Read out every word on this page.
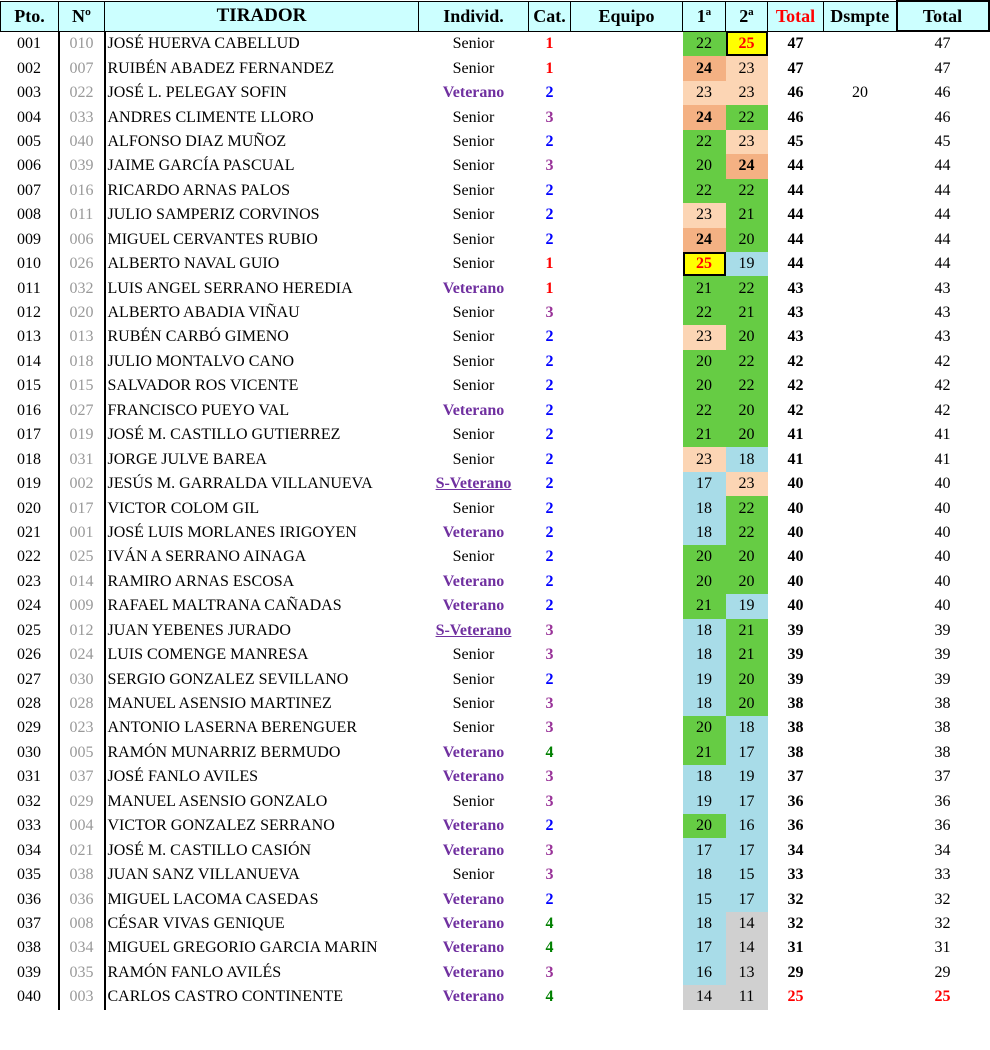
Pto.	Nº	TIRADOR	Individ.	Cat.	Equipo	1ª	2ª	Total	Dsmpte	Total
001	010	JOSÉ HUERVA CABELLUD	Senior	1		22	25	47		47
002	007	RUIBÉN ABADEZ FERNANDEZ	Senior	1		24	23	47		47
003	022	JOSÉ L. PELEGAY SOFIN	Veterano	2		23	23	46	20	46
004	033	ANDRES CLIMENTE LLORO	Senior	3		24	22	46		46
005	040	ALFONSO DIAZ MUÑOZ	Senior	2		22	23	45		45
006	039	JAIME GARCÍA PASCUAL	Senior	3		20	24	44		44
007	016	RICARDO ARNAS PALOS	Senior	2		22	22	44		44
008	011	JULIO SAMPERIZ CORVINOS	Senior	2		23	21	44		44
009	006	MIGUEL CERVANTES RUBIO	Senior	2		24	20	44		44
010	026	ALBERTO NAVAL GUIO	Senior	1		25	19	44		44
011	032	LUIS ANGEL SERRANO HEREDIA	Veterano	1		21	22	43		43
012	020	ALBERTO ABADIA VIÑAU	Senior	3		22	21	43		43
013	013	RUBÉN CARBÓ GIMENO	Senior	2		23	20	43		43
014	018	JULIO MONTALVO CANO	Senior	2		20	22	42		42
015	015	SALVADOR ROS VICENTE	Senior	2		20	22	42		42
016	027	FRANCISCO PUEYO VAL	Veterano	2		22	20	42		42
017	019	JOSÉ M. CASTILLO GUTIERREZ	Senior	2		21	20	41		41
018	031	JORGE JULVE BAREA	Senior	2		23	18	41		41
019	002	JESÚS M. GARRALDA VILLANUEVA	S-Veterano	2		17	23	40		40
020	017	VICTOR COLOM GIL	Senior	2		18	22	40		40
021	001	JOSÉ LUIS MORLANES IRIGOYEN	Veterano	2		18	22	40		40
022	025	IVÁN A SERRANO AINAGA	Senior	2		20	20	40		40
023	014	RAMIRO ARNAS ESCOSA	Veterano	2		20	20	40		40
024	009	RAFAEL MALTRANA CAÑADAS	Veterano	2		21	19	40		40
025	012	JUAN YEBENES JURADO	S-Veterano	3		18	21	39		39
026	024	LUIS COMENGE MANRESA	Senior	3		18	21	39		39
027	030	SERGIO GONZALEZ SEVILLANO	Senior	2		19	20	39		39
028	028	MANUEL ASENSIO MARTINEZ	Senior	3		18	20	38		38
029	023	ANTONIO LASERNA BERENGUER	Senior	3		20	18	38		38
030	005	RAMÓN MUNARRIZ BERMUDO	Veterano	4		21	17	38		38
031	037	JOSÉ FANLO AVILES	Veterano	3		18	19	37		37
032	029	MANUEL ASENSIO GONZALO	Senior	3		19	17	36		36
033	004	VICTOR GONZALEZ SERRANO	Veterano	2		20	16	36		36
034	021	JOSÉ M. CASTILLO CASIÓN	Veterano	3		17	17	34		34
035	038	JUAN SANZ VILLANUEVA	Senior	3		18	15	33		33
036	036	MIGUEL LACOMA CASEDAS	Veterano	2		15	17	32		32
037	008	CÉSAR VIVAS GENIQUE	Veterano	4		18	14	32		32
038	034	MIGUEL GREGORIO GARCIA MARIN	Veterano	4		17	14	31		31
039	035	RAMÓN FANLO AVILÉS	Veterano	3		16	13	29		29
040	003	CARLOS CASTRO CONTINENTE	Veterano	4		14	11	25		25
